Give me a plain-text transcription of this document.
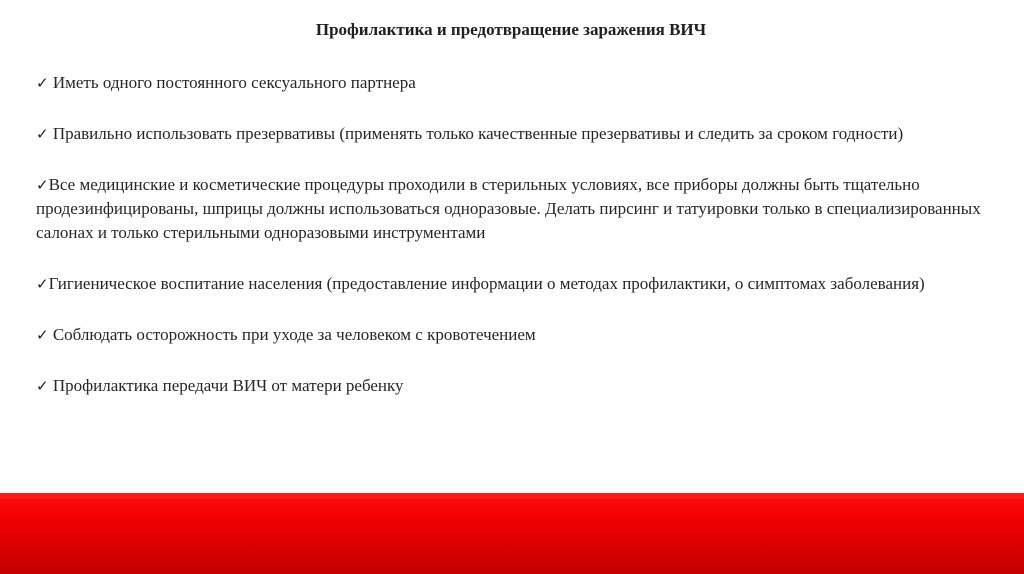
Профилактика и предотвращение заражения ВИЧ
✓ Иметь одного постоянного сексуального партнера
✓ Правильно использовать презервативы (применять только качественные презервативы и следить за сроком годности)
✓Все медицинские и косметические процедуры проходили в стерильных условиях, все приборы должны быть тщательно продезинфицированы, шприцы должны использоваться одноразовые. Делать пирсинг и татуировки только в специализированных салонах и только стерильными одноразовыми инструментами
✓Гигиеническое воспитание населения (предоставление информации о методах профилактики, о симптомах заболевания)
✓ Соблюдать осторожность при уходе за человеком с кровотечением
✓ Профилактика передачи ВИЧ от матери ребенку
